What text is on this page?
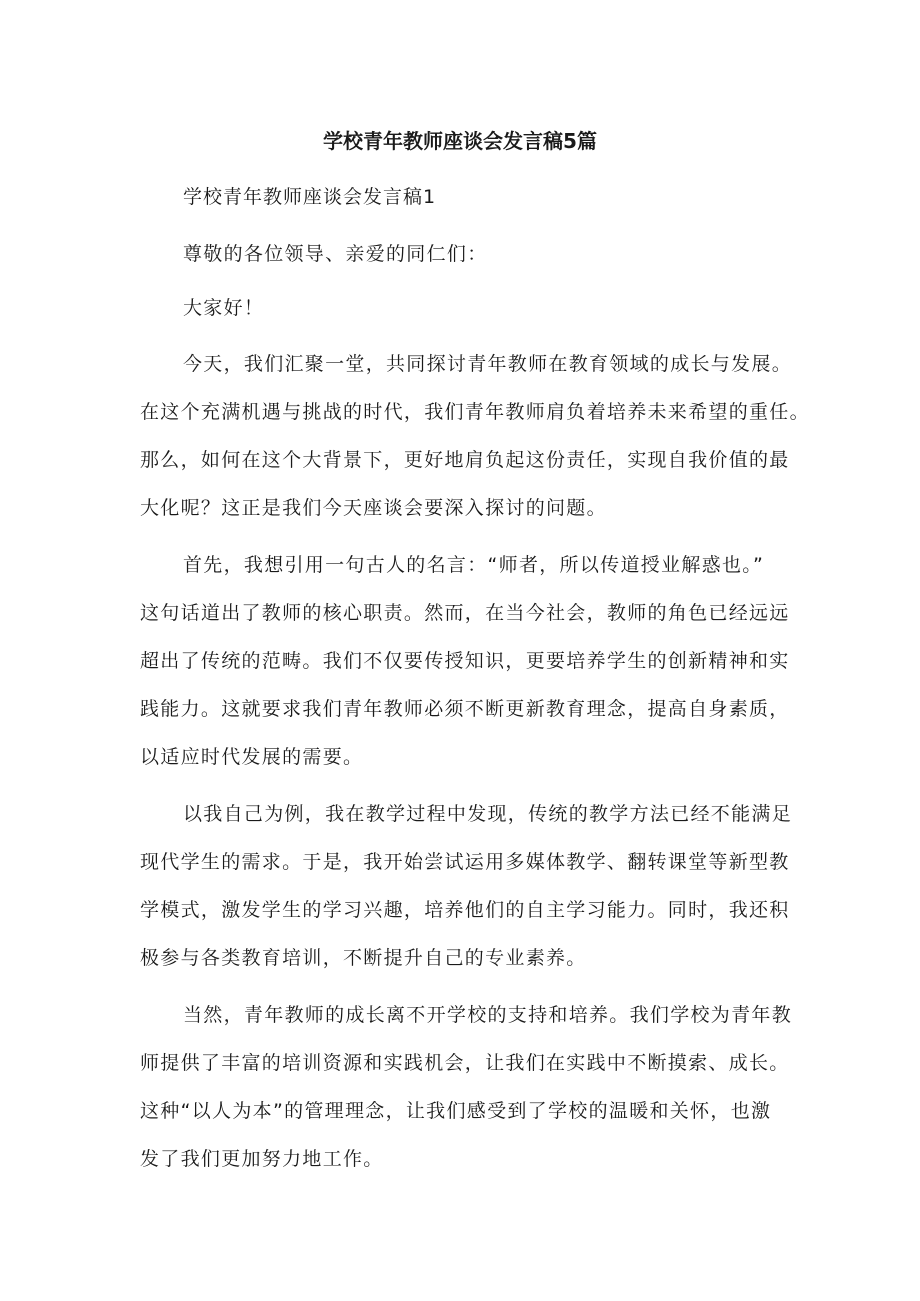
学校青年教师座谈会发言稿5篇

学校青年教师座谈会发言稿1

尊敬的各位领导、亲爱的同仁们：

大家好！

今天，我们汇聚一堂，共同探讨青年教师在教育领域的成长与发展。

在这个充满机遇与挑战的时代，我们青年教师肩负着培养未来希望的重任。

那么，如何在这个大背景下，更好地肩负起这份责任，实现自我价值的最

大化呢？这正是我们今天座谈会要深入探讨的问题。

首先，我想引用一句古人的名言：“师者，所以传道授业解惑也。”

这句话道出了教师的核心职责。然而，在当今社会，教师的角色已经远远

超出了传统的范畴。我们不仅要传授知识，更要培养学生的创新精神和实

践能力。这就要求我们青年教师必须不断更新教育理念，提高自身素质，

以适应时代发展的需要。

以我自己为例，我在教学过程中发现，传统的教学方法已经不能满足

现代学生的需求。于是，我开始尝试运用多媒体教学、翻转课堂等新型教

学模式，激发学生的学习兴趣，培养他们的自主学习能力。同时，我还积

极参与各类教育培训，不断提升自己的专业素养。

当然，青年教师的成长离不开学校的支持和培养。我们学校为青年教

师提供了丰富的培训资源和实践机会，让我们在实践中不断摸索、成长。

这种“以人为本”的管理理念，让我们感受到了学校的温暖和关怀，也激

发了我们更加努力地工作。
